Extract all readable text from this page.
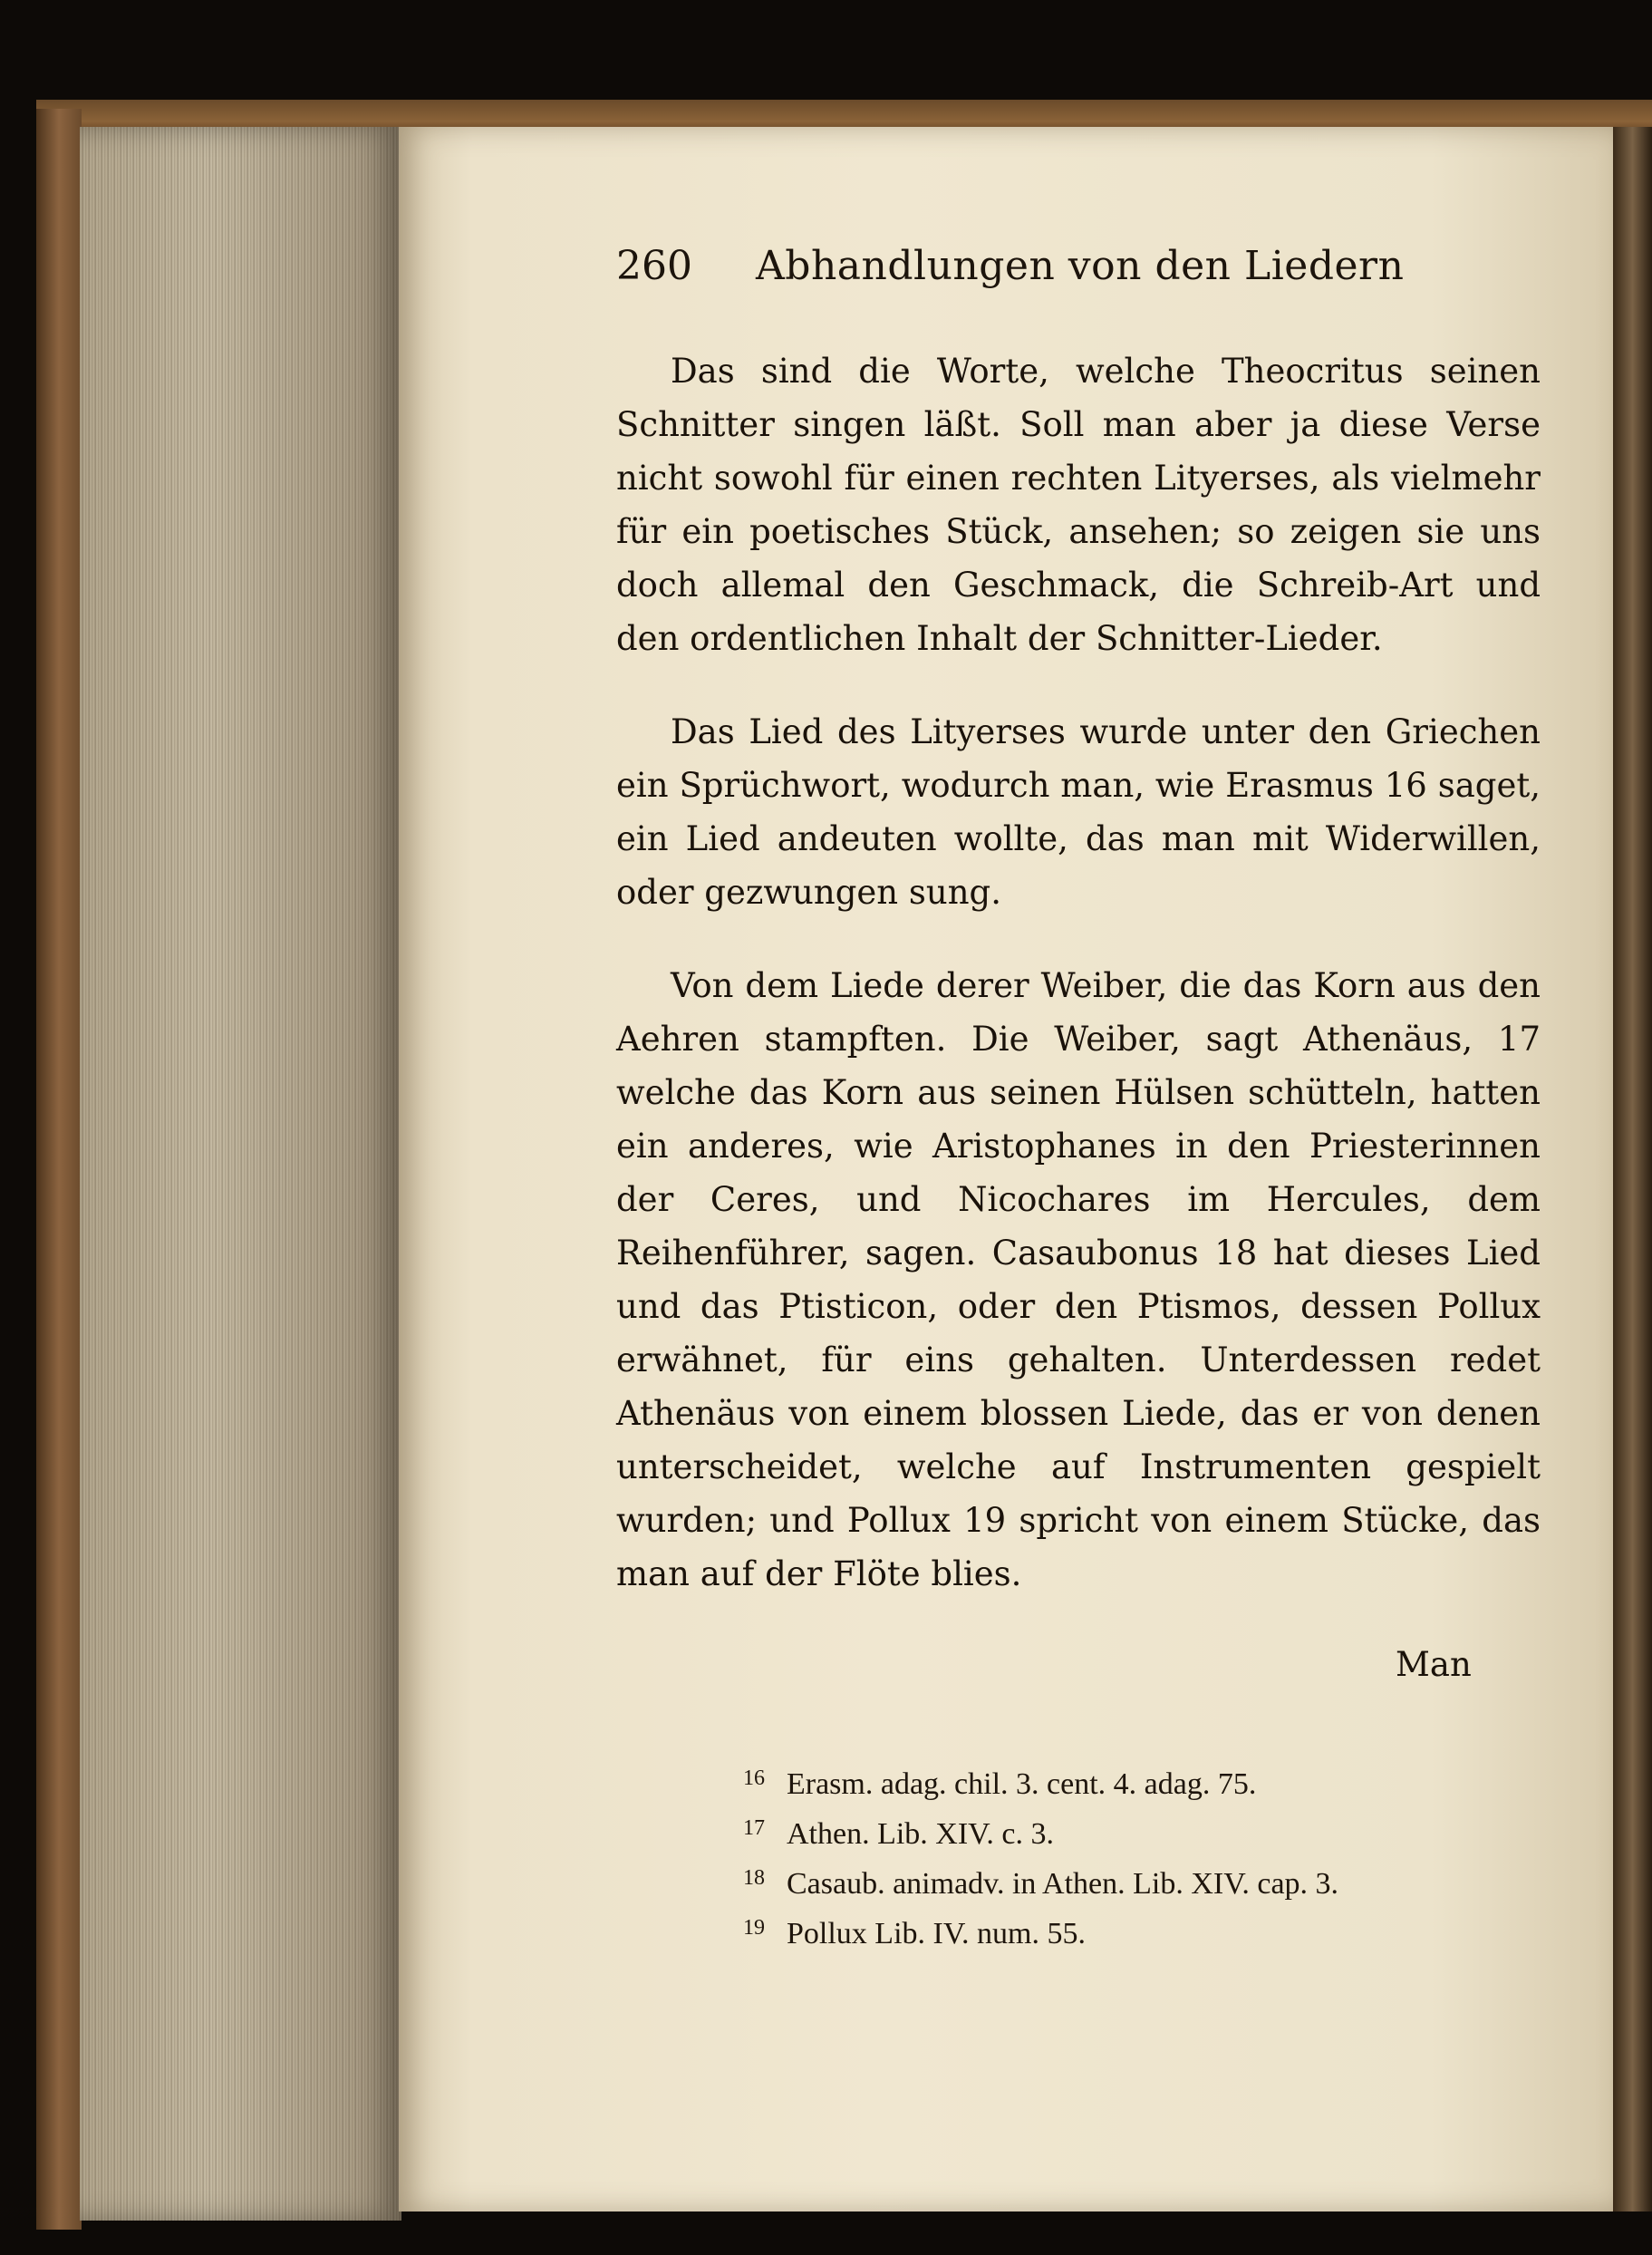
260 Abhandlungen von den Liedern

Das sind die Worte, welche Theocritus seinen Schnitter singen läßt. Soll man aber ja diese Verse nicht sowohl für einen rechten Lityerses, als vielmehr für ein poetisches Stück, ansehen; so zeigen sie uns doch allemal den Geschmack, die Schreib-Art und den ordentlichen Inhalt der Schnitter-Lieder.

Das Lied des Lityerses wurde unter den Griechen ein Sprüchwort, wodurch man, wie Erasmus 16 saget, ein Lied andeuten wollte, das man mit Widerwillen, oder gezwungen sung.

Von dem Liede derer Weiber, die das Korn aus den Aehren stampften. Die Weiber, sagt Athenäus, 17 welche das Korn aus seinen Hülsen schütteln, hatten ein anderes, wie Aristophanes in den Priesterinnen der Ceres, und Nicochares im Hercules, dem Reihenführer, sagen. Casaubonus 18 hat dieses Lied und das Ptisticon, oder den Ptismos, dessen Pollux erwähnet, für eins gehalten. Unterdessen redet Athenäus von einem blossen Liede, das er von denen unterscheidet, welche auf Instrumenten gespielt wurden; und Pollux 19 spricht von einem Stücke, das man auf der Flöte blies.

Man
16 Erasm. adag. chil. 3. cent. 4. adag. 75.
17 Athen. Lib. XIV. c. 3.
18 Casaub. animadv. in Athen. Lib. XIV. cap. 3.
19 Pollux Lib. IV. num. 55.
